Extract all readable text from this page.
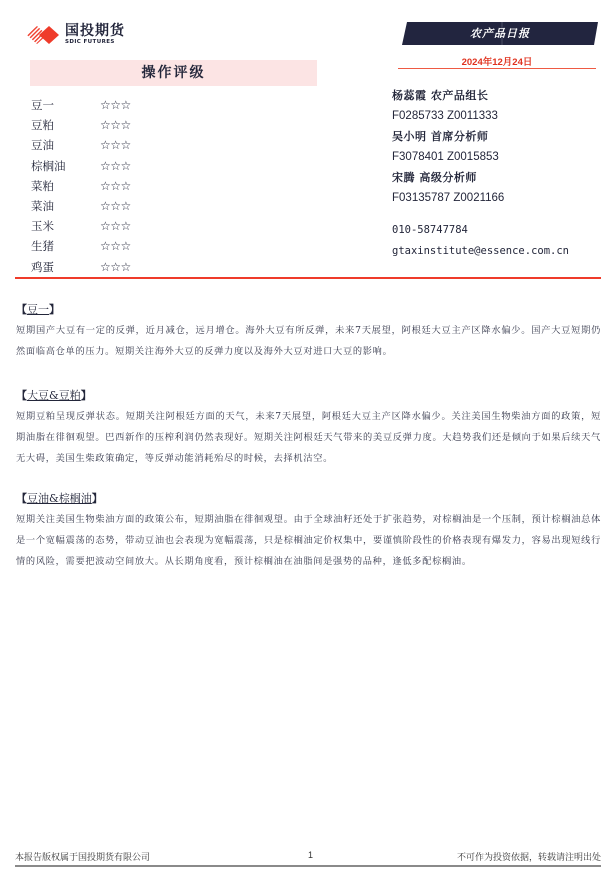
国投期货
SDIC FUTURES
农产品日报
2024年12月24日
操作评级
豆一	☆☆☆
豆粕	☆☆☆
豆油	☆☆☆
棕榈油	☆☆☆
菜粕	☆☆☆
菜油	☆☆☆
玉米	☆☆☆
生猪	☆☆☆
鸡蛋	☆☆☆
杨蕊霞 农产品组长
F0285733 Z0011333
吴小明 首席分析师
F3078401 Z0015853
宋腾 高级分析师
F03135787 Z0021166
010-58747784
gtaxinstitute@essence.com.cn
【豆一】
短期国产大豆有一定的反弹，近月减仓，远月增仓。海外大豆有所反弹，未来7天展望，阿根廷大豆主产区降水偏少。国产大豆短期仍然面临高仓单的压力。短期关注海外大豆的反弹力度以及海外大豆对进口大豆的影响。
【大豆&豆粕】
短期豆粕呈现反弹状态。短期关注阿根廷方面的天气，未来7天展望，阿根廷大豆主产区降水偏少。关注美国生物柴油方面的政策，短期油脂在徘徊观望。巴西新作的压榨利润仍然表现好。短期关注阿根廷天气带来的美豆反弹力度。大趋势我们还是倾向于如果后续天气无大碍，美国生柴政策确定，等反弹动能消耗殆尽的时候，去择机沽空。
【豆油&棕榈油】
短期关注美国生物柴油方面的政策公布，短期油脂在徘徊观望。由于全球油籽还处于扩张趋势，对棕榈油是一个压制，预计棕榈油总体是一个宽幅震荡的态势，带动豆油也会表现为宽幅震荡，只是棕榈油定价权集中，要谨慎阶段性的价格表现有爆发力，容易出现短线行情的风险，需要把波动空间放大。从长期角度看，预计棕榈油在油脂间是强势的品种，逢低多配棕榈油。
本报告版权属于国投期货有限公司	1	不可作为投资依据，转载请注明出处
